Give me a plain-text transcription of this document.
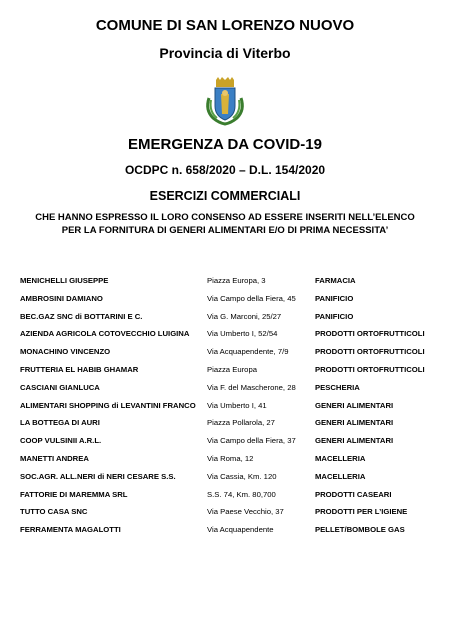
COMUNE DI SAN LORENZO NUOVO
Provincia di Viterbo
EMERGENZA DA COVID-19
OCDPC n. 658/2020 – D.L. 154/2020
ESERCIZI COMMERCIALI
CHE HANNO ESPRESSO IL LORO CONSENSO AD ESSERE INSERITI NELL’ELENCO
PER LA FORNITURA DI GENERI ALIMENTARI E/O DI PRIMA NECESSITA’
MENICHELLI GIUSEPPE	Piazza Europa, 3	FARMACIA
AMBROSINI DAMIANO	Via Campo della Fiera, 45	PANIFICIO
BEC.GAZ SNC di BOTTARINI E C.	Via G. Marconi, 25/27	PANIFICIO
AZIENDA AGRICOLA COTOVECCHIO LUIGINA Via Umberto I, 52/54	PRODOTTI ORTOFRUTTICOLI
MONACHINO VINCENZO	Via Acquapendente, 7/9	PRODOTTI ORTOFRUTTICOLI
FRUTTERIA EL HABIB GHAMAR	Piazza Europa	PRODOTTI ORTOFRUTTICOLI
CASCIANI GIANLUCA	Via F. del Mascherone, 28	PESCHERIA
ALIMENTARI SHOPPING di LEVANTINI FRANCO Via Umberto I, 41	GENERI ALIMENTARI
LA BOTTEGA DI AURI	Piazza Pollarola, 27	GENERI ALIMENTARI
COOP VULSINII A.R.L.	Via Campo della Fiera, 37	GENERI ALIMENTARI
MANETTI ANDREA	Via Roma, 12	MACELLERIA
SOC.AGR. ALL.NERI di NERI CESARE S.S.	Via Cassia, Km. 120	MACELLERIA
FATTORIE DI MAREMMA SRL	S.S. 74, Km. 80,700	PRODOTTI CASEARI
TUTTO CASA SNC	Via Paese Vecchio, 37	PRODOTTI PER L’IGIENE
FERRAMENTA MAGALOTTI	Via Acquapendente	PELLET/BOMBOLE GAS
